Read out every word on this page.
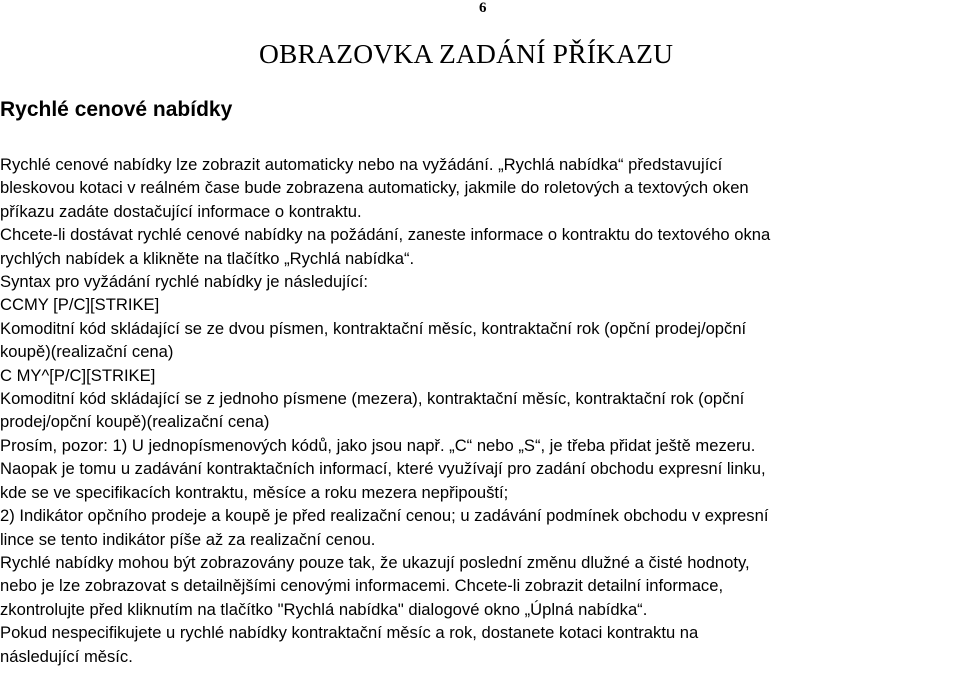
6
OBRAZOVKA ZADÁNÍ PŘÍKAZU
Rychlé cenové nabídky
Rychlé cenové nabídky lze zobrazit automaticky nebo na vyžádání. „Rychlá nabídka“ představující
bleskovou kotaci v reálném čase bude zobrazena automaticky, jakmile do roletových a textových oken
příkazu zadáte dostačující informace o kontraktu.
Chcete-li dostávat rychlé cenové nabídky na požádání, zaneste informace o kontraktu do textového okna
rychlých nabídek a klikněte na tlačítko „Rychlá nabídka“.
Syntax pro vyžádání rychlé nabídky je následující:
CCMY [P/C][STRIKE]
Komoditní kód skládající se ze dvou písmen, kontraktační měsíc, kontraktační rok (opční prodej/opční
koupě)(realizační cena)
C MY^[P/C][STRIKE]
Komoditní kód skládající se z jednoho písmene (mezera), kontraktační měsíc, kontraktační rok (opční
prodej/opční koupě)(realizační cena)
Prosím, pozor: 1) U jednopísmenových kódů, jako jsou např. „C“ nebo „S“, je třeba přidat ještě mezeru.
Naopak je tomu u zadávání kontraktačních informací, které využívají pro zadání obchodu expresní linku,
kde se ve specifikacích kontraktu, měsíce a roku mezera nepřipouští;
2) Indikátor opčního prodeje a koupě je před realizační cenou; u zadávání podmínek obchodu v expresní
lince se tento indikátor píše až za realizační cenou.
Rychlé nabídky mohou být zobrazovány pouze tak, že ukazují poslední změnu dlužné a čisté hodnoty,
nebo je lze zobrazovat s detailnějšími cenovými informacemi. Chcete-li zobrazit detailní informace,
zkontrolujte před kliknutím na tlačítko "Rychlá nabídka" dialogové okno „Úplná nabídka“.
Pokud nespecifikujete u rychlé nabídky kontraktační měsíc a rok, dostanete kotaci kontraktu na
následující měsíc.
